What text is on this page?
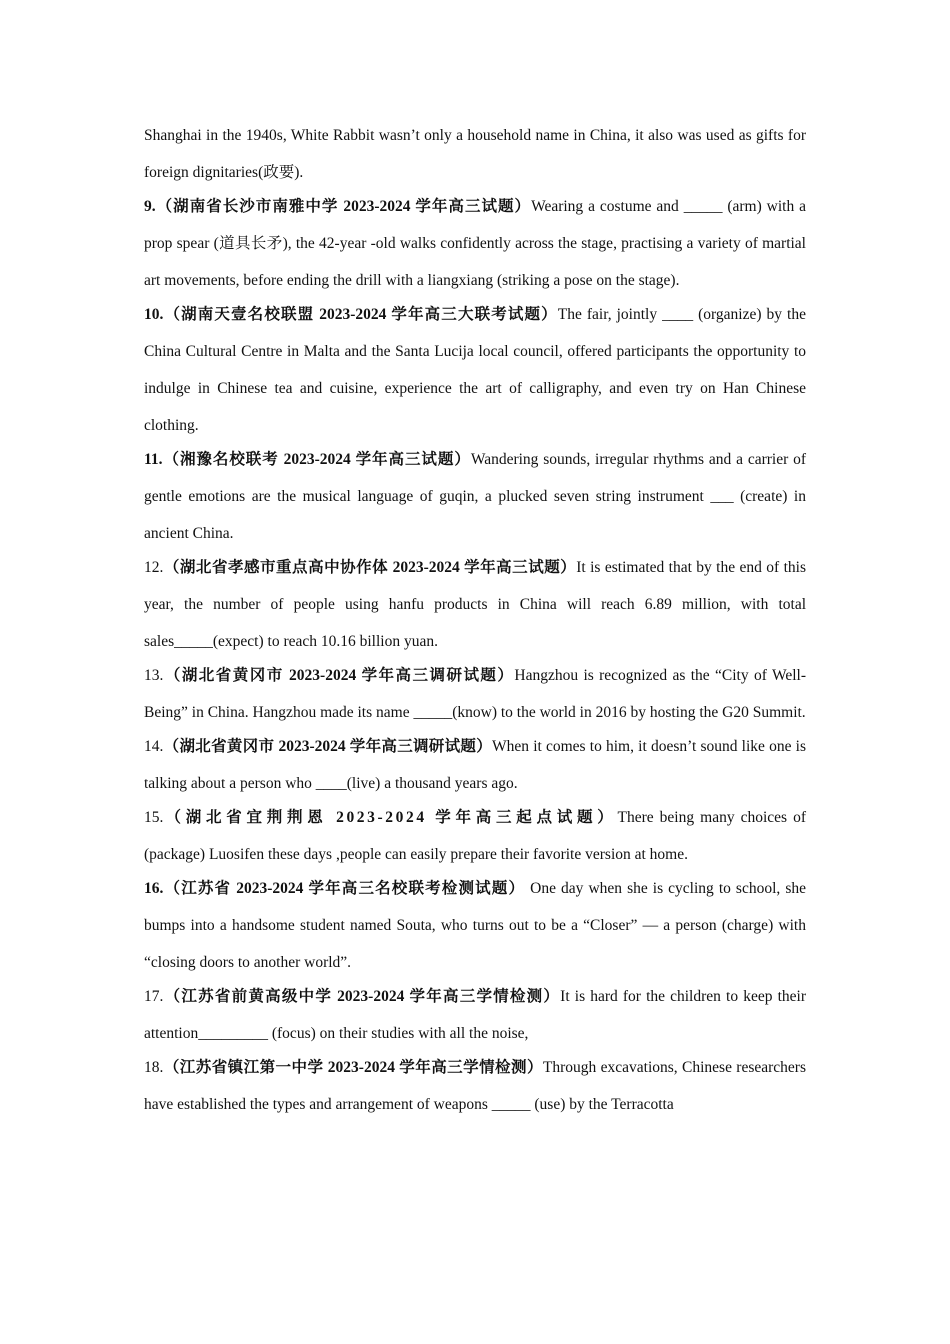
Shanghai in the 1940s, White Rabbit wasn’t only a household name in China, it also was used as gifts for foreign dignitaries(政要).

9.（湖南省长沙市南雅中学 2023-2024 学年高三试题）Wearing a costume and _____ (arm) with a prop spear (道具长矛), the 42-year -old walks confidently across the stage, practising a variety of martial art movements, before ending the drill with a liangxiang (striking a pose on the stage).

10.（湖南天壹名校联盟 2023-2024 学年高三大联考试题）The fair, jointly ____ (organize) by the China Cultural Centre in Malta and the Santa Lucija local council, offered participants the opportunity to indulge in Chinese tea and cuisine, experience the art of calligraphy, and even try on Han Chinese clothing.

11.（湘豫名校联考 2023-2024 学年高三试题）Wandering sounds, irregular rhythms and a carrier of gentle emotions are the musical language of guqin, a plucked seven string instrument ___ (create) in ancient China.

12.（湖北省孝感市重点高中协作体 2023-2024 学年高三试题）It is estimated that by the end of this year, the number of people using hanfu products in China will reach 6.89 million, with total sales_____(expect) to reach 10.16 billion yuan.

13.（湖北省黄冈市 2023-2024 学年高三调研试题）Hangzhou is recognized as the “City of Well-Being” in China. Hangzhou made its name _____(know) to the world in 2016 by hosting the G20 Summit.

14.（湖北省黄冈市 2023-2024 学年高三调研试题）When it comes to him, it doesn’t sound like one is talking about a person who ____(live) a thousand years ago.

15.（湖北省宜荆荆恩 2023-2024 学年高三起点试题）There being many choices of (package) Luosifen these days ,people can easily prepare their favorite version at home.

16.（江苏省 2023-2024 学年高三名校联考检测试题） One day when she is cycling to school, she bumps into a handsome student named Souta, who turns out to be a “Closer” — a person (charge) with “closing doors to another world”.

17.（江苏省前黄高级中学 2023-2024 学年高三学情检测）It is hard for the children to keep their attention_________ (focus) on their studies with all the noise,

18.（江苏省镇江第一中学 2023-2024 学年高三学情检测）Through excavations, Chinese researchers have established the types and arrangement of weapons _____ (use) by the Terracotta
